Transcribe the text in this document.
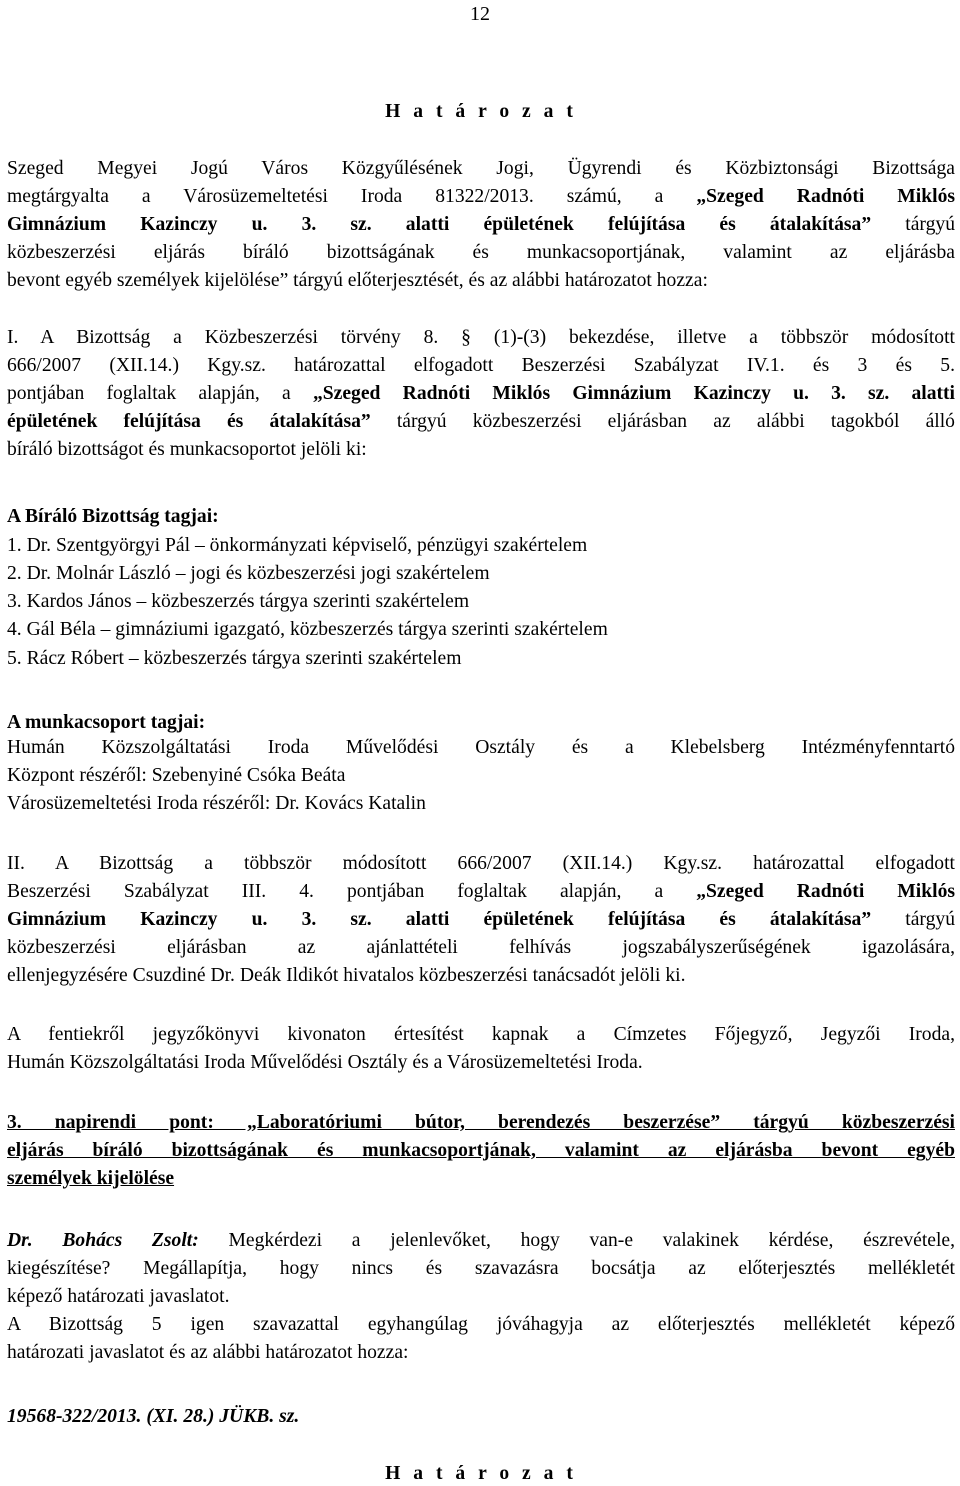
12
H a t á r o z a t
Szeged Megyei Jogú Város Közgyűlésének Jogi, Ügyrendi és Közbiztonsági Bizottsága
megtárgyalta a Városüzemeltetési Iroda 81322/2013. számú, a „Szeged Radnóti Miklós
Gimnázium Kazinczy u. 3. sz. alatti épületének felújítása és átalakítása” tárgyú
közbeszerzési eljárás bíráló bizottságának és munkacsoportjának, valamint az eljárásba
bevont egyéb személyek kijelölése” tárgyú előterjesztését, és az alábbi határozatot hozza:
I. A Bizottság a Közbeszerzési törvény 8. § (1)-(3) bekezdése, illetve a többször módosított
666/2007 (XII.14.) Kgy.sz. határozattal elfogadott Beszerzési Szabályzat IV.1. és 3 és 5.
pontjában foglaltak alapján, a „Szeged Radnóti Miklós Gimnázium Kazinczy u. 3. sz. alatti
épületének felújítása és átalakítása” tárgyú közbeszerzési eljárásban az alábbi tagokból álló
bíráló bizottságot és munkacsoportot jelöli ki:
A Bíráló Bizottság tagjai:
1. Dr. Szentgyörgyi Pál – önkormányzati képviselő, pénzügyi szakértelem
2. Dr. Molnár László – jogi és közbeszerzési jogi szakértelem
3. Kardos János – közbeszerzés tárgya szerinti szakértelem
4. Gál Béla – gimnáziumi igazgató, közbeszerzés tárgya szerinti szakértelem
5. Rácz Róbert – közbeszerzés tárgya szerinti szakértelem
A munkacsoport tagjai:
Humán Közszolgáltatási Iroda Művelődési Osztály és a Klebelsberg Intézményfenntartó
Központ részéről: Szebenyiné Csóka Beáta
Városüzemeltetési Iroda részéről: Dr. Kovács Katalin
II. A Bizottság a többször módosított 666/2007 (XII.14.) Kgy.sz. határozattal elfogadott
Beszerzési Szabályzat III. 4. pontjában foglaltak alapján, a „Szeged Radnóti Miklós
Gimnázium Kazinczy u. 3. sz. alatti épületének felújítása és átalakítása” tárgyú
közbeszerzési eljárásban az ajánlattételi felhívás jogszabályszerűségének igazolására,
ellenjegyzésére Csuzdiné Dr. Deák Ildikót hivatalos közbeszerzési tanácsadót jelöli ki.
A fentiekről jegyzőkönyvi kivonaton értesítést kapnak a Címzetes Főjegyző, Jegyzői Iroda,
Humán Közszolgáltatási Iroda Művelődési Osztály és a Városüzemeltetési Iroda.
3. napirendi pont: „Laboratóriumi bútor, berendezés beszerzése” tárgyú közbeszerzési
eljárás bíráló bizottságának és munkacsoportjának, valamint az eljárásba bevont egyéb
személyek kijelölése
Dr. Bohács Zsolt: Megkérdezi a jelenlevőket, hogy van-e valakinek kérdése, észrevétele,
kiegészítése? Megállapítja, hogy nincs és szavazásra bocsátja az előterjesztés mellékletét
képező határozati javaslatot.
A Bizottság 5 igen szavazattal egyhangúlag jóváhagyja az előterjesztés mellékletét képező
határozati javaslatot és az alábbi határozatot hozza:
19568-322/2013. (XI. 28.) JÜKB. sz.
H a t á r o z a t
